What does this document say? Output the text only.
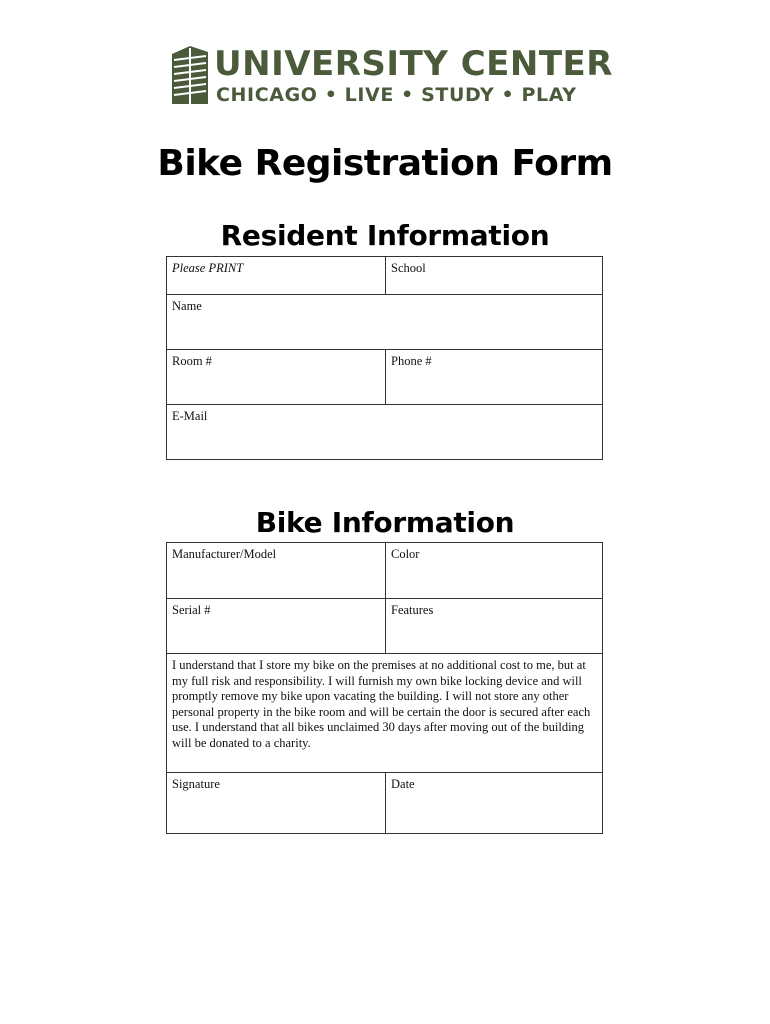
UNIVERSITY CENTER
CHICAGO • LIVE • STUDY • PLAY
Bike Registration Form
Resident Information
Please PRINT	School

Name	

Room #	Phone #

E-Mail	
Bike Information
Manufacturer/Model	Color

Serial #	Features

I understand that I store my bike on the premises at no additional cost to me, but at my full risk and responsibility. I will furnish my own bike locking device and will promptly remove my bike upon vacating the building. I will not store any other personal property in the bike room and will be certain the door is secured after each use. I understand that all bikes unclaimed 30 days after moving out of the building will be donated to a charity.	

Signature	Date
